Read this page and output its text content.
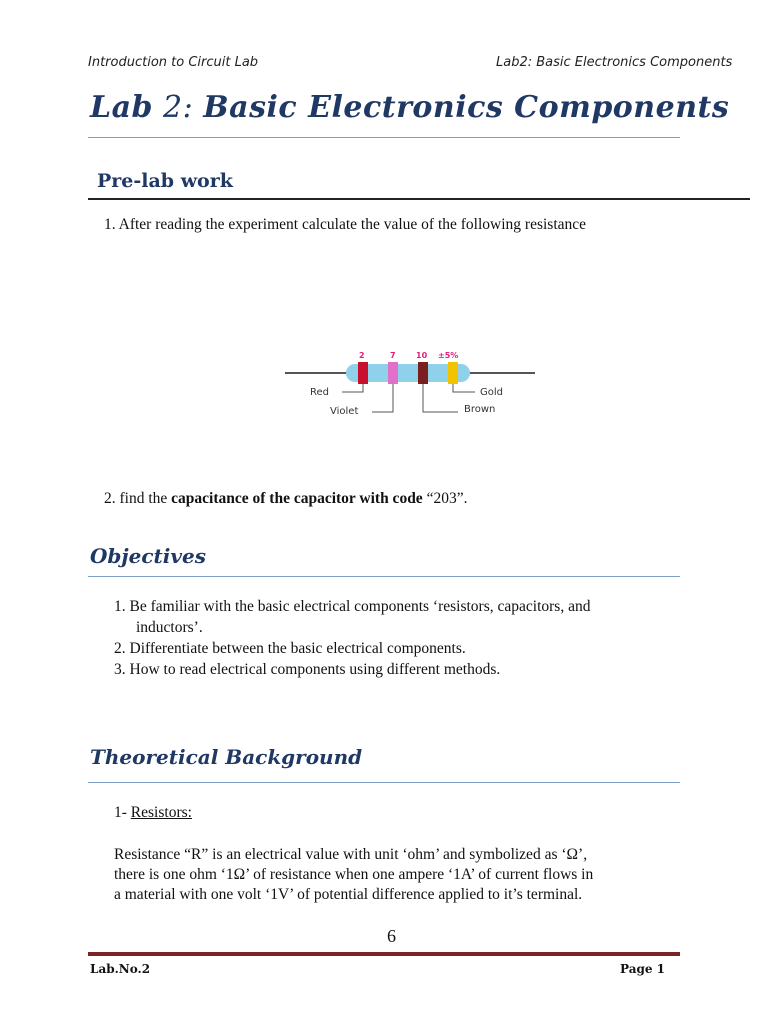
Introduction to Circuit Lab	Lab2: Basic Electronics Components
Lab 2: Basic Electronics Components
Pre-lab work
1. After reading the experiment calculate the value of the following resistance
2	7	10 ±5%
Red
Violet
Gold
Brown
2. find the capacitance of the capacitor with code “203”.
Objectives
1. Be familiar with the basic electrical components ‘resistors, capacitors, and
inductors’.
2. Differentiate between the basic electrical components.
3. How to read electrical components using different methods.
Theoretical Background
1- Resistors:
Resistance “R” is an electrical value with unit ‘ohm’ and symbolized as ‘Ω’,
there is one ohm ‘1Ω’ of resistance when one ampere ‘1A’ of current flows in
a material with one volt ‘1V’ of potential difference applied to it’s terminal.
6
Lab.No.2	Page 1
